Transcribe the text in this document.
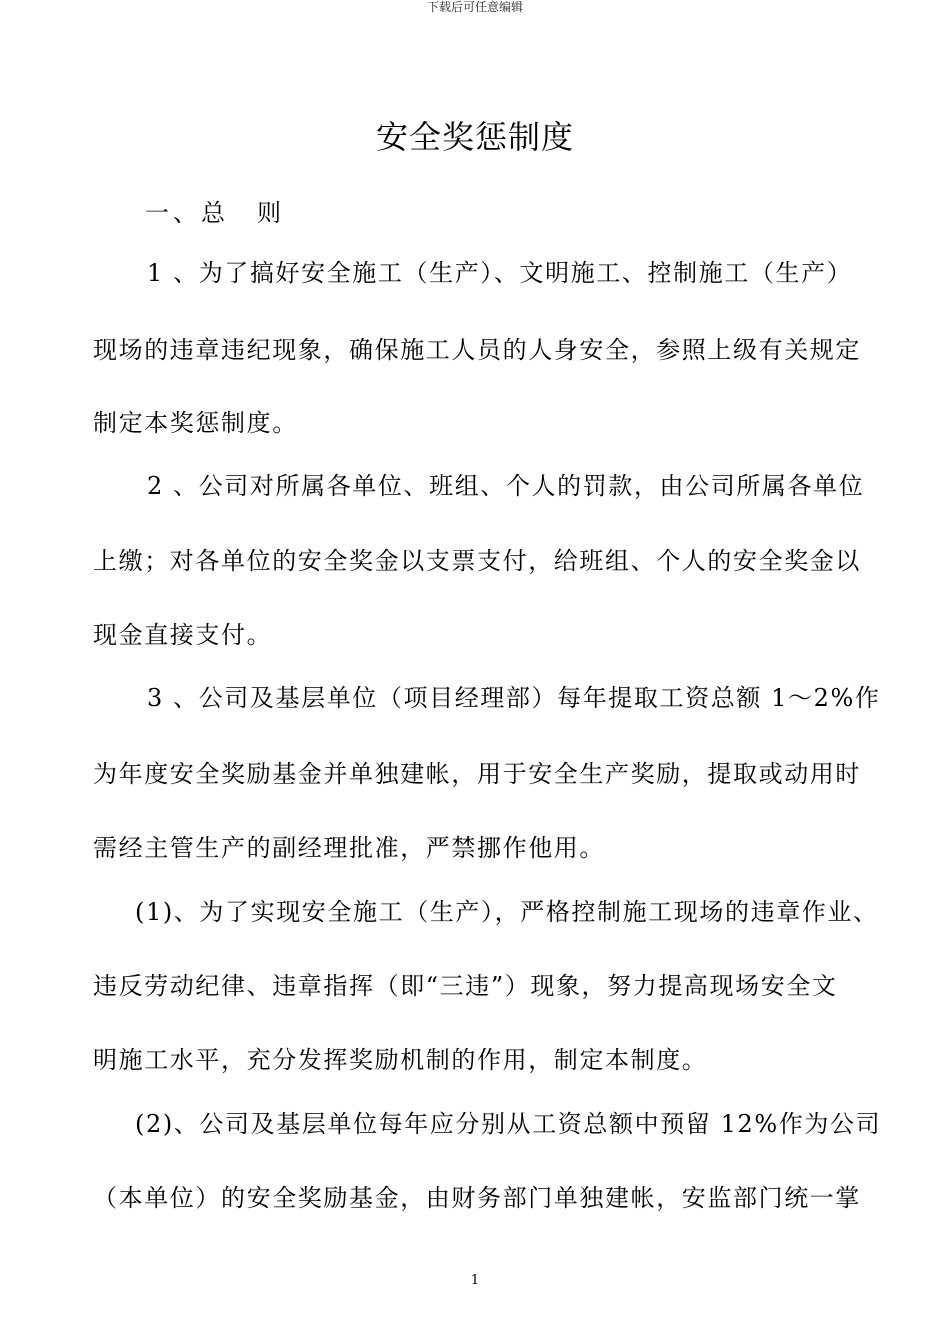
下载后可任意编辑
安全奖惩制度
一、总　则
1 、为了搞好安全施工（生产）、文明施工、控制施工（生产）
现场的违章违纪现象，确保施工人员的人身安全，参照上级有关规定
制定本奖惩制度。
2 、公司对所属各单位、班组、个人的罚款，由公司所属各单位
上缴；对各单位的安全奖金以支票支付，给班组、个人的安全奖金以
现金直接支付。
3 、公司及基层单位（项目经理部）每年提取工资总额 1～2%作
为年度安全奖励基金并单独建帐，用于安全生产奖励，提取或动用时
需经主管生产的副经理批准，严禁挪作他用。
(1)、为了实现安全施工（生产），严格控制施工现场的违章作业、
违反劳动纪律、违章指挥（即“三违”）现象，努力提高现场安全文
明施工水平，充分发挥奖励机制的作用，制定本制度。
(2)、公司及基层单位每年应分别从工资总额中预留 12%作为公司
（本单位）的安全奖励基金，由财务部门单独建帐，安监部门统一掌
1
